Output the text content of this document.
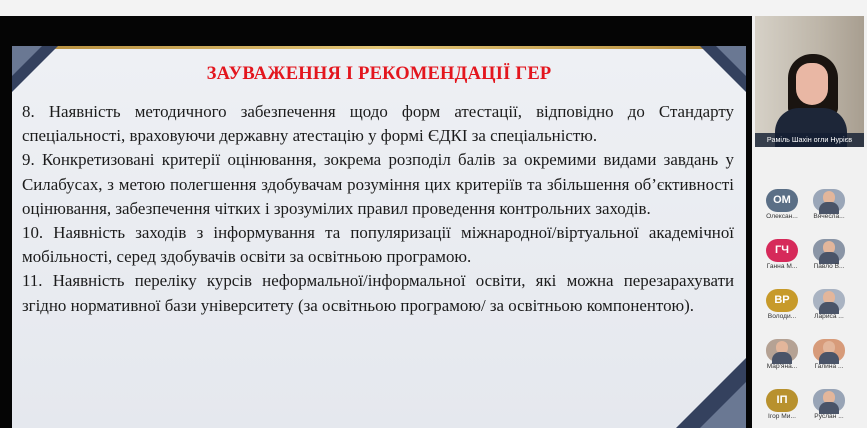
ЗАУВАЖЕННЯ І РЕКОМЕНДАЦІЇ ГЕР

8. Наявність методичного забезпечення щодо форм атестації, відповідно до Стандарту спеціальності, враховуючи державну атестацію у формі ЄДКІ за спеціальністю.

9. Конкретизовані критерії оцінювання, зокрема розподіл балів за окремими видами завдань у Силабусах, з метою полегшення здобувачам розуміння цих критеріїв та збільшення об’єктивності оцінювання, забезпечення чітких і зрозумілих правил проведення контрольних заходів.

10. Наявність заходів з інформування та популяризації міжнародної/віртуальної академічної мобільності, серед здобувачів освіти за освітньою програмою.

11. Наявність переліку курсів неформальної/інформальної освіти, які можна перезарахувати згідно нормативної бази університету (за освітньою програмою/ за освітньою компонентою).

Раміль Шахін огли Нурієв
ОМ
Олексан...	Вячесла...
ГЧ
Ганна М...	Павло В...
ВР
Володи...	Лариса ...
Мар'яна...	Галина ...
ІП
Ігор Ми...	Руслан ...
